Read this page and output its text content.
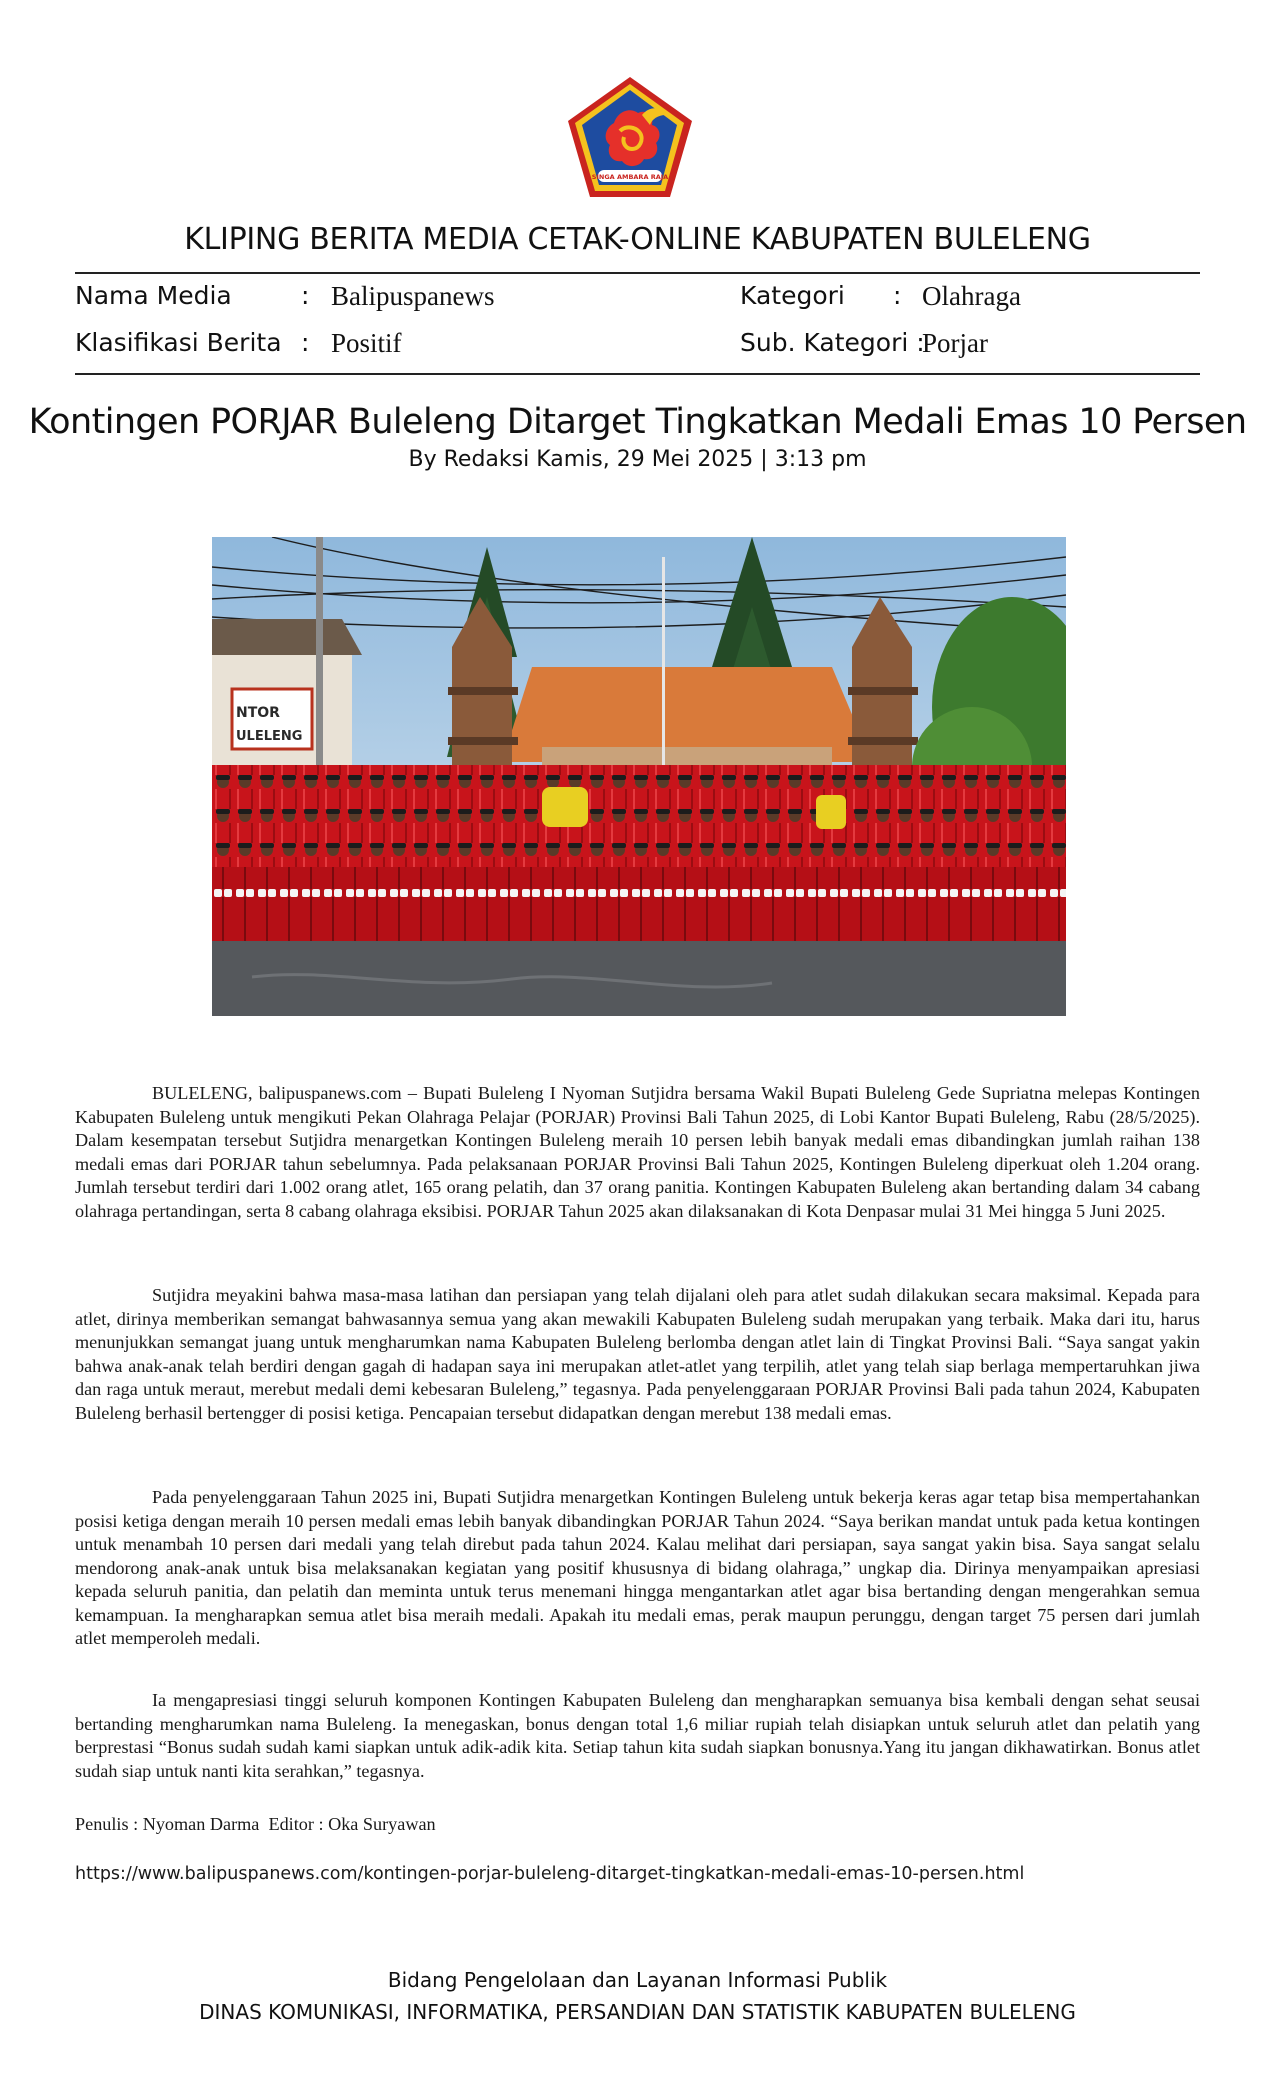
SINGA AMBARA RAJA
KLIPING BERITA MEDIA CETAK-ONLINE KABUPATEN BULELENG
Nama Media	: Balipuspanews
Klasifikasi Berita : Positif
Kategori : Olahraga
Sub. Kategori :
Porjar
Kontingen PORJAR Buleleng Ditarget Tingkatkan Medali Emas 10 Persen
By Redaksi Kamis, 29 Mei 2025 | 3:13 pm
NTOR
ULELENG

BULELENG, balipuspanews.com – Bupati Buleleng I Nyoman Sutjidra bersama Wakil Bupati Buleleng Gede Supriatna melepas Kontingen Kabupaten Buleleng untuk mengikuti Pekan Olahraga Pelajar (PORJAR) Provinsi Bali Tahun 2025, di Lobi Kantor Bupati Buleleng, Rabu (28/5/2025). Dalam kesempatan tersebut Sutjidra menargetkan Kontingen Buleleng meraih 10 persen lebih banyak medali emas dibandingkan jumlah raihan 138 medali emas dari PORJAR tahun sebelumnya. Pada pelaksanaan PORJAR Provinsi Bali Tahun 2025, Kontingen Buleleng diperkuat oleh 1.204 orang. Jumlah tersebut terdiri dari 1.002 orang atlet, 165 orang pelatih, dan 37 orang panitia. Kontingen Kabupaten Buleleng akan bertanding dalam 34 cabang olahraga pertandingan, serta 8 cabang olahraga eksibisi. PORJAR Tahun 2025 akan dilaksanakan di Kota Denpasar mulai 31 Mei hingga 5 Juni 2025.

Sutjidra meyakini bahwa masa-masa latihan dan persiapan yang telah dijalani oleh para atlet sudah dilakukan secara maksimal. Kepada para atlet, dirinya memberikan semangat bahwasannya semua yang akan mewakili Kabupaten Buleleng sudah merupakan yang terbaik. Maka dari itu, harus menunjukkan semangat juang untuk mengharumkan nama Kabupaten Buleleng berlomba dengan atlet lain di Tingkat Provinsi Bali. “Saya sangat yakin bahwa anak-anak telah berdiri dengan gagah di hadapan saya ini merupakan atlet-atlet yang terpilih, atlet yang telah siap berlaga mempertaruhkan jiwa dan raga untuk meraut, merebut medali demi kebesaran Buleleng,” tegasnya. Pada penyelenggaraan PORJAR Provinsi Bali pada tahun 2024, Kabupaten Buleleng berhasil bertengger di posisi ketiga. Pencapaian tersebut didapatkan dengan merebut 138 medali emas.

Pada penyelenggaraan Tahun 2025 ini, Bupati Sutjidra menargetkan Kontingen Buleleng untuk bekerja keras agar tetap bisa mempertahankan posisi ketiga dengan meraih 10 persen medali emas lebih banyak dibandingkan PORJAR Tahun 2024. “Saya berikan mandat untuk pada ketua kontingen untuk menambah 10 persen dari medali yang telah direbut pada tahun 2024. Kalau melihat dari persiapan, saya sangat yakin bisa. Saya sangat selalu mendorong anak-anak untuk bisa melaksanakan kegiatan yang positif khususnya di bidang olahraga,” ungkap dia. Dirinya menyampaikan apresiasi kepada seluruh panitia, dan pelatih dan meminta untuk terus menemani hingga mengantarkan atlet agar bisa bertanding dengan mengerahkan semua kemampuan. Ia mengharapkan semua atlet bisa meraih medali. Apakah itu medali emas, perak maupun perunggu, dengan target 75 persen dari jumlah atlet memperoleh medali.

Ia mengapresiasi tinggi seluruh komponen Kontingen Kabupaten Buleleng dan mengharapkan semuanya bisa kembali dengan sehat seusai bertanding mengharumkan nama Buleleng. Ia menegaskan, bonus dengan total 1,6 miliar rupiah telah disiapkan untuk seluruh atlet dan pelatih yang berprestasi “Bonus sudah sudah kami siapkan untuk adik-adik kita. Setiap tahun kita sudah siapkan bonusnya.Yang itu jangan dikhawatirkan. Bonus atlet sudah siap untuk nanti kita serahkan,” tegasnya.

Penulis : Nyoman Darma  Editor : Oka Suryawan
https://www.balipuspanews.com/kontingen-porjar-buleleng-ditarget-tingkatkan-medali-emas-10-persen.html
Bidang Pengelolaan dan Layanan Informasi Publik
DINAS KOMUNIKASI, INFORMATIKA, PERSANDIAN DAN STATISTIK KABUPATEN BULELENG
